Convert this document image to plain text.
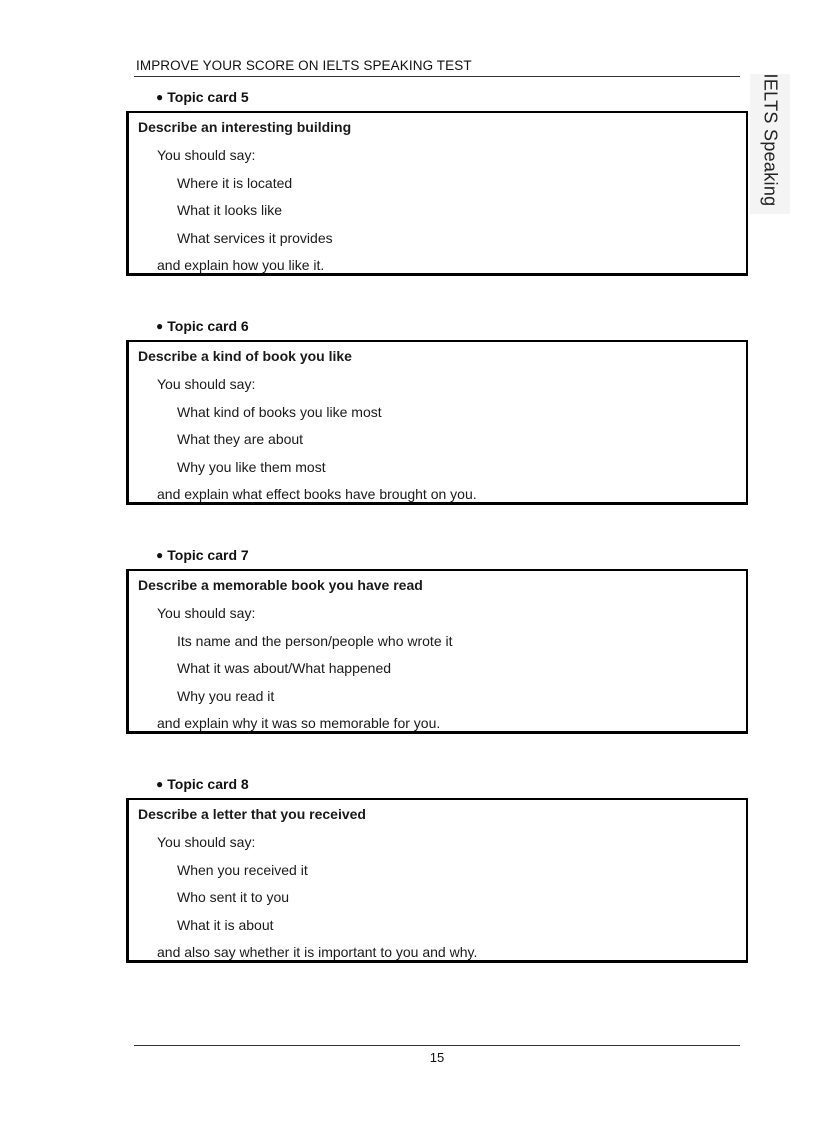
IMPROVE YOUR SCORE ON IELTS SPEAKING TEST
IELTS Speaking
● Topic card 5
Describe an interesting building
You should say:
Where it is located
What it looks like
What services it provides
and explain how you like it.
● Topic card 6
Describe a kind of book you like
You should say:
What kind of books you like most
What they are about
Why you like them most
and explain what effect books have brought on you.
● Topic card 7
Describe a memorable book you have read
You should say:
Its name and the person/people who wrote it
What it was about/What happened
Why you read it
and explain why it was so memorable for you.
● Topic card 8
Describe a letter that you received
You should say:
When you received it
Who sent it to you
What it is about
and also say whether it is important to you and why.
15
